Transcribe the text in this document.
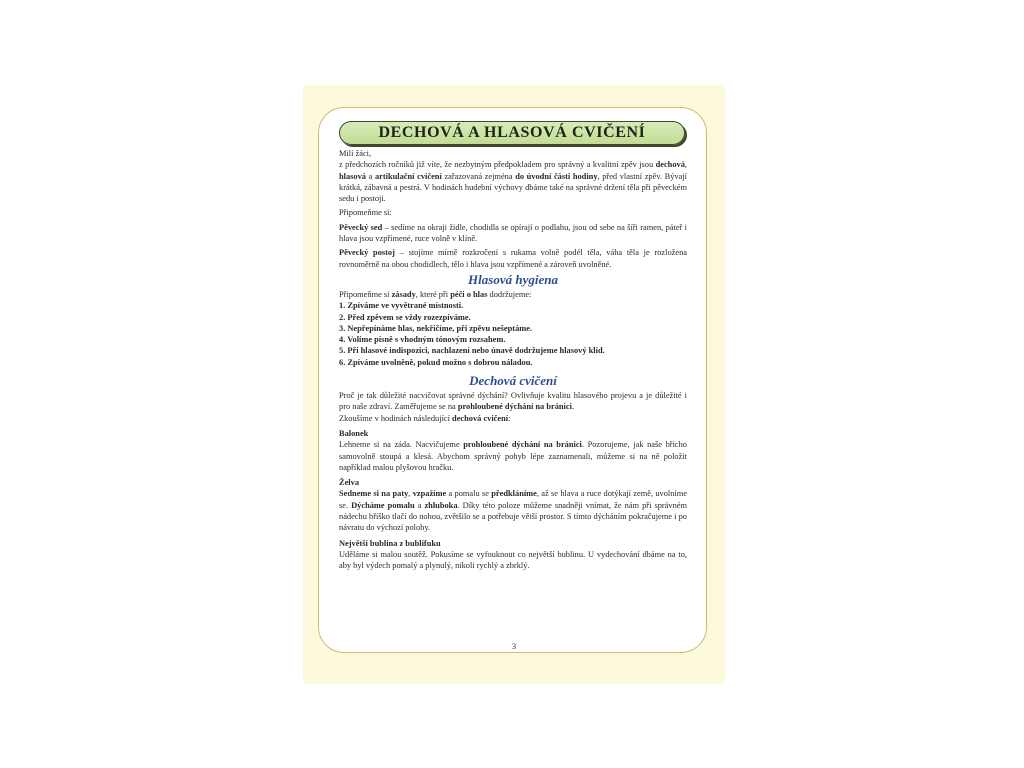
DECHOVÁ A HLASOVÁ CVIČENÍ

Milí žáci,

z předchozích ročníků již víte, že nezbytným předpokladem pro správný a kvalitní zpěv jsou dechová, hlasová a artikulační cvičení zařazovaná zejména do úvodní části hodiny, před vlastní zpěv. Bývají krátká, zábavná a pestrá. V hodinách hudební výchovy dbáme také na správné držení těla při pěveckém sedu i postoji.

Připomeňme si:

Pěvecký sed – sedíme na okraji židle, chodidla se opírají o podlahu, jsou od sebe na šíři ramen, páteř i hlava jsou vzpřímené, ruce volně v klíně.

Pěvecký postoj – stojíme mírně rozkročení s rukama volně podél těla, váha těla je rozložena rovnoměrně na obou chodidlech, tělo i hlava jsou vzpřímené a zároveň uvolněné.

Hlasová hygiena

Připomeňme si zásady, které při péči o hlas dodržujeme:

1. Zpíváme ve vyvětrané místnosti.
2. Před zpěvem se vždy rozezpíváme.
3. Nepřepínáme hlas, nekřičíme, při zpěvu nešeptáme.
4. Volíme písně s vhodným tónovým rozsahem.
5. Při hlasové indispozici, nachlazení nebo únavě dodržujeme hlasový klid.
6. Zpíváme uvolněně, pokud možno s dobrou náladou.
Dechová cvičení

Proč je tak důležité nacvičovat správné dýchání? Ovlivňuje kvalitu hlasového projevu a je důležité i pro naše zdraví. Zaměřujeme se na prohloubené dýchání na bránici.

Zkoušíme v hodinách následující dechová cvičení:

Balonek

Lehneme si na záda. Nacvičujeme prohloubené dýchání na bránici. Pozorujeme, jak naše břicho samovolně stoupá a klesá. Abychom správný pohyb lépe zaznamenali, můžeme si na ně položit například malou plyšovou hračku.

Želva

Sedneme si na paty, vzpažíme a pomalu se předkláníme, až se hlava a ruce dotýkají země, uvolníme se. Dýcháme pomalu a zhluboka. Díky této poloze můžeme snadněji vnímat, že nám při správném nádechu bříško tlačí do nohou, zvětšilo se a potřebuje větší prostor. S tímto dýcháním pokračujeme i po návratu do výchozí polohy.

Největší bublina z bublifuku

Uděláme si malou soutěž. Pokusíme se vyfouknout co největší bublinu. U vydechování dbáme na to, aby byl výdech pomalý a plynulý, nikoli rychlý a zbrklý.

3
